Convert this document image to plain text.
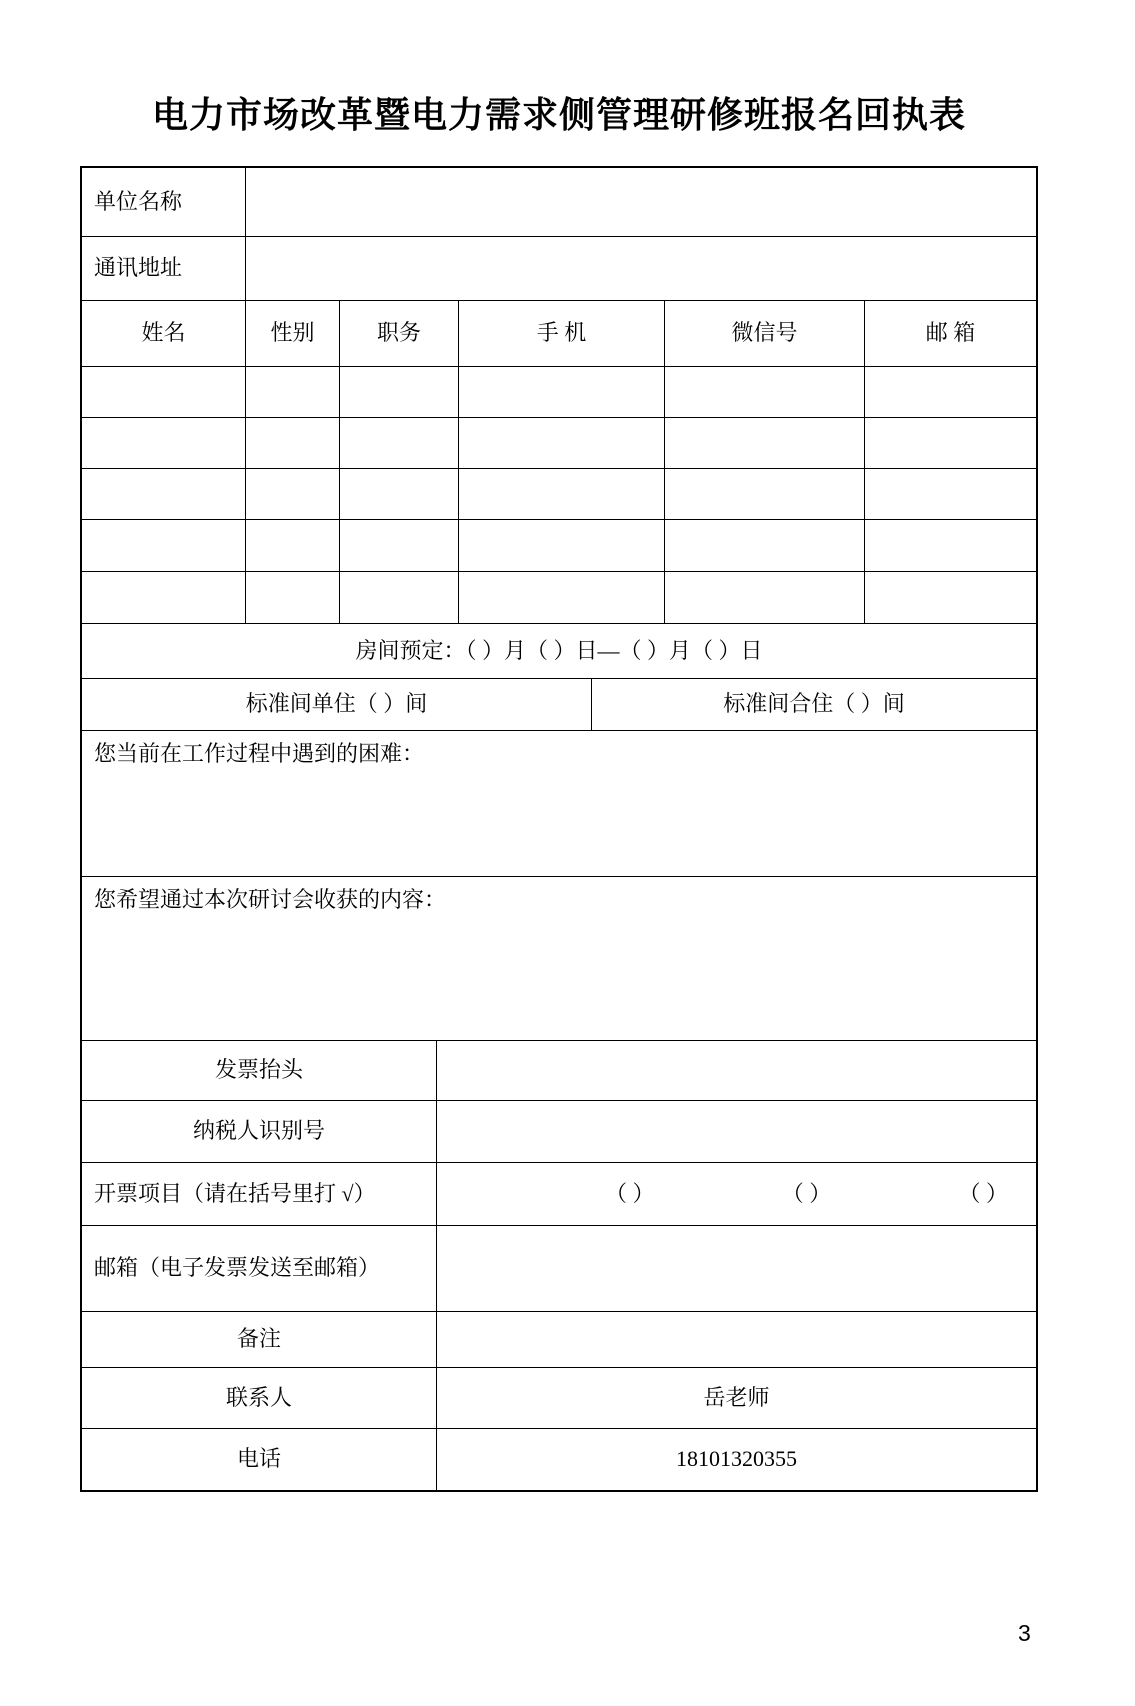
电力市场改革暨电力需求侧管理研修班报名回执表
单位名称
通讯地址
姓名	性别	职务	手 机	微信号	邮 箱
房间预定：（ ）月（ ）日—（ ）月（ ）日
标准间单住（ ）间	标准间合住（ ）间
您当前在工作过程中遇到的困难：
您希望通过本次研讨会收获的内容：
发票抬头
纳税人识别号
开票项目（请在括号里打 √）	（ ）	（ ）	（ ）
邮箱（电子发票发送至邮箱）
备注
联系人	岳老师
电话	18101320355
3
